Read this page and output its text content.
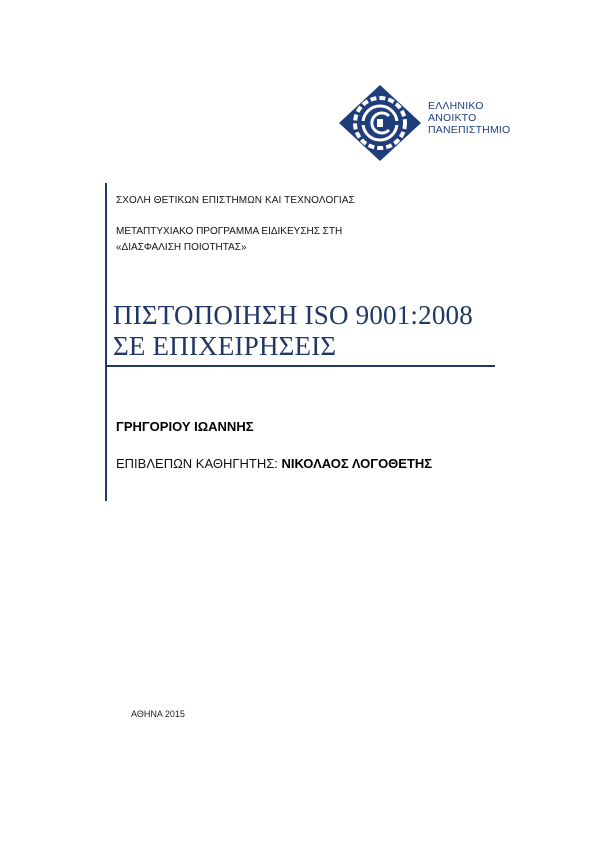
ΕΛΛΗΝΙΚΟ
ΑΝΟΙΚΤΟ
ΠΑΝΕΠΙΣΤΗΜΙΟ
ΣΧΟΛΗ ΘΕΤΙΚΩΝ ΕΠΙΣΤΗΜΩΝ ΚΑΙ ΤΕΧΝΟΛΟΓΙΑΣ
ΜΕΤΑΠΤΥΧΙΑΚΟ ΠΡΟΓΡΑΜΜΑ ΕΙΔΙΚΕΥΣΗΣ ΣΤΗ
«ΔΙΑΣΦΑΛΙΣΗ ΠΟΙΟΤΗΤΑΣ»
ΠΙΣΤΟΠΟΙΗΣΗ ISO 9001:2008
ΣΕ ΕΠΙΧΕΙΡΗΣΕΙΣ
ΓΡΗΓΟΡΙΟΥ ΙΩΑΝΝΗΣ
ΕΠΙΒΛΕΠΩΝ ΚΑΘΗΓΗΤΗΣ: ΝΙΚΟΛΑΟΣ ΛΟΓΟΘΕΤΗΣ
ΑΘΗΝΑ 2015
